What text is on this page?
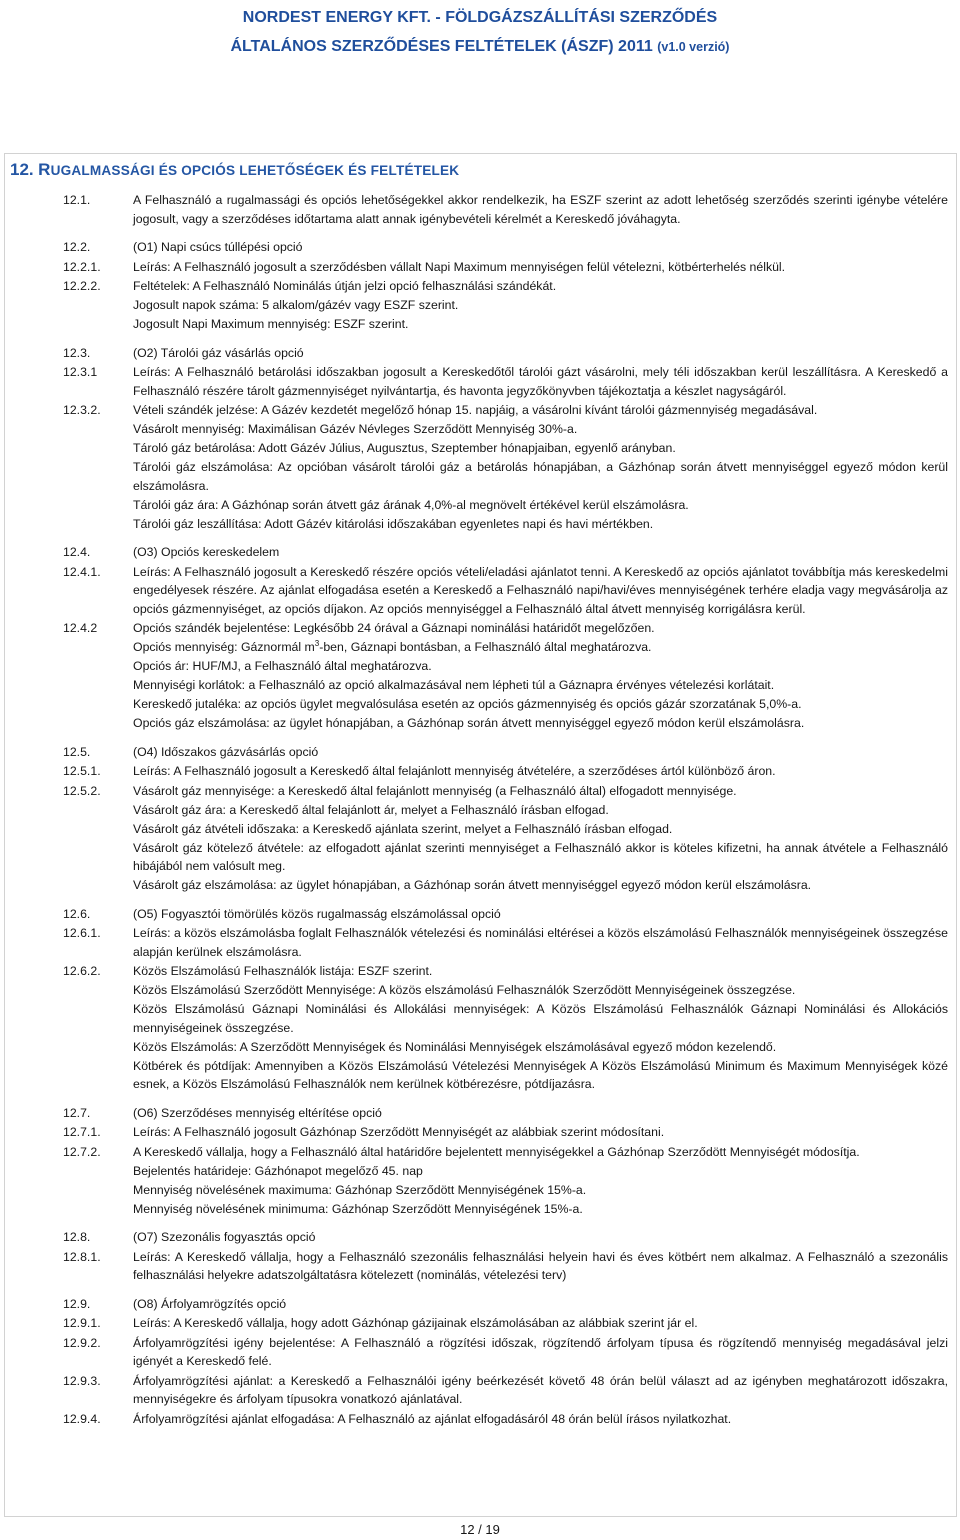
NORDEST ENERGY KFT. - FÖLDGÁZSZÁLLÍTÁSI SZERZŐDÉS
ÁLTALÁNOS SZERZŐDÉSES FELTÉTELEK (ÁSZF) 2011 (v1.0 verzió)
12. RUGALMASSÁGI ÉS OPCIÓS LEHETŐSÉGEK ÉS FELTÉTELEK
12.1.	A Felhasználó a rugalmassági és opciós lehetőségekkel akkor rendelkezik, ha ESZF szerint az adott lehetőség szerződés szerinti igénybe vételére jogosult, vagy a szerződéses időtartama alatt annak igénybevételi kérelmét a Kereskedő jóváhagyta.
12.2.	(O1) Napi csúcs túllépési opció
12.2.1.	Leírás: A Felhasználó jogosult a szerződésben vállalt Napi Maximum mennyiségen felül vételezni, kötbérterhelés nélkül.
12.2.2.	Feltételek: A Felhasználó Nominálás útján jelzi opció felhasználási szándékát.
Jogosult napok száma: 5 alkalom/gázév vagy ESZF szerint.
Jogosult Napi Maximum mennyiség: ESZF szerint.
12.3.	(O2) Tárolói gáz vásárlás opció
12.3.1	Leírás: A Felhasználó betárolási időszakban jogosult a Kereskedőtől tárolói gázt vásárolni, mely téli időszakban kerül leszállításra. A Kereskedő a Felhasználó részére tárolt gázmennyiséget nyilvántartja, és havonta jegyzőkönyvben tájékoztatja a készlet nagyságáról.
12.3.2.	Vételi szándék jelzése: A Gázév kezdetét megelőző hónap 15. napjáig, a vásárolni kívánt tárolói gázmennyiség megadásával.
Vásárolt mennyiség: Maximálisan Gázév Névleges Szerződött Mennyiség 30%-a.
Tároló gáz betárolása: Adott Gázév Július, Augusztus, Szeptember hónapjaiban, egyenlő arányban.
Tárolói gáz elszámolása: Az opcióban vásárolt tárolói gáz a betárolás hónapjában, a Gázhónap során átvett mennyiséggel egyező módon kerül elszámolásra.
Tárolói gáz ára: A Gázhónap során átvett gáz árának 4,0%-al megnövelt értékével kerül elszámolásra.
Tárolói gáz leszállítása: Adott Gázév kitárolási időszakában egyenletes napi és havi mértékben.
12.4.	(O3) Opciós kereskedelem
12.4.1.	Leírás: A Felhasználó jogosult a Kereskedő részére opciós vételi/eladási ajánlatot tenni. A Kereskedő az opciós ajánlatot továbbítja más kereskedelmi engedélyesek részére. Az ajánlat elfogadása esetén a Kereskedő a Felhasználó napi/havi/éves mennyiségének terhére eladja vagy megvásárolja az opciós gázmennyiséget, az opciós díjakon. Az opciós mennyiséggel a Felhasználó által átvett mennyiség korrigálásra kerül.
12.4.2	Opciós szándék bejelentése: Legkésőbb 24 órával a Gáznapi nominálási határidőt megelőzően.
Opciós mennyiség: Gáznormál $m^3$-ben, Gáznapi bontásban, a Felhasználó által meghatározva.
Opciós ár: HUF/MJ, a Felhasználó által meghatározva.
Mennyiségi korlátok: a Felhasználó az opció alkalmazásával nem lépheti túl a Gáznapra érvényes vételezési korlátait.
Kereskedő jutaléka: az opciós ügylet megvalósulása esetén az opciós gázmennyiség és opciós gázár szorzatának 5,0%-a.
Opciós gáz elszámolása: az ügylet hónapjában, a Gázhónap során átvett mennyiséggel egyező módon kerül elszámolásra.
12.5.	(O4) Időszakos gázvásárlás opció
12.5.1.	Leírás: A Felhasználó jogosult a Kereskedő által felajánlott mennyiség átvételére, a szerződéses ártól különböző áron.
12.5.2.	Vásárolt gáz mennyisége: a Kereskedő által felajánlott mennyiség (a Felhasználó által) elfogadott mennyisége.
Vásárolt gáz ára: a Kereskedő által felajánlott ár, melyet a Felhasználó írásban elfogad.
Vásárolt gáz átvételi időszaka: a Kereskedő ajánlata szerint, melyet a Felhasználó írásban elfogad.
Vásárolt gáz kötelező átvétele: az elfogadott ajánlat szerinti mennyiséget a Felhasználó akkor is köteles kifizetni, ha annak átvétele a Felhasználó hibájából nem valósult meg.
Vásárolt gáz elszámolása: az ügylet hónapjában, a Gázhónap során átvett mennyiséggel egyező módon kerül elszámolásra.
12.6.	(O5) Fogyasztói tömörülés közös rugalmasság elszámolással opció
12.6.1.	Leírás: a közös elszámolásba foglalt Felhasználók vételezési és nominálási eltérései a közös elszámolású Felhasználók mennyiségeinek összegzése alapján kerülnek elszámolásra.
12.6.2.	Közös Elszámolású Felhasználók listája: ESZF szerint.
Közös Elszámolású Szerződött Mennyisége: A közös elszámolású Felhasználók Szerződött Mennyiségeinek összegzése.
Közös Elszámolású Gáznapi Nominálási és Allokálási mennyiségek: A Közös Elszámolású Felhasználók Gáznapi Nominálási és Allokációs mennyiségeinek összegzése.
Közös Elszámolás: A Szerződött Mennyiségek és Nominálási Mennyiségek elszámolásával egyező módon kezelendő.
Kötbérek és pótdíjak: Amennyiben a Közös Elszámolású Vételezési Mennyiségek A Közös Elszámolású Minimum és Maximum Mennyiségek közé esnek, a Közös Elszámolású Felhasználók nem kerülnek kötbérezésre, pótdíjazásra.
12.7.	(O6) Szerződéses mennyiség eltérítése opció
12.7.1.	Leírás: A Felhasználó jogosult Gázhónap Szerződött Mennyiségét az alábbiak szerint módosítani.
12.7.2.	A Kereskedő vállalja, hogy a Felhasználó által határidőre bejelentett mennyiségekkel a Gázhónap Szerződött Mennyiségét módosítja.
Bejelentés határideje: Gázhónapot megelőző 45. nap
Mennyiség növelésének maximuma: Gázhónap Szerződött Mennyiségének 15%-a.
Mennyiség növelésének minimuma: Gázhónap Szerződött Mennyiségének 15%-a.
12.8.	(O7) Szezonális fogyasztás opció
12.8.1.	Leírás: A Kereskedő vállalja, hogy a Felhasználó szezonális felhasználási helyein havi és éves kötbért nem alkalmaz. A Felhasználó a szezonális felhasználási helyekre adatszolgáltatásra kötelezett (nominálás, vételezési terv)
12.9.	(O8) Árfolyamrögzítés opció
12.9.1.	Leírás: A Kereskedő vállalja, hogy adott Gázhónap gázijainak elszámolásában az alábbiak szerint jár el.
12.9.2.	Árfolyamrögzítési igény bejelentése: A Felhasználó a rögzítési időszak, rögzítendő árfolyam típusa és rögzítendő mennyiség megadásával jelzi igényét a Kereskedő felé.
12.9.3.	Árfolyamrögzítési ajánlat: a Kereskedő a Felhasználói igény beérkezését követő 48 órán belül választ ad az igényben meghatározott időszakra, mennyiségekre és árfolyam típusokra vonatkozó ajánlatával.
12.9.4.	Árfolyamrögzítési ajánlat elfogadása: A Felhasználó az ajánlat elfogadásáról 48 órán belül írásos nyilatkozhat.
12 / 19
